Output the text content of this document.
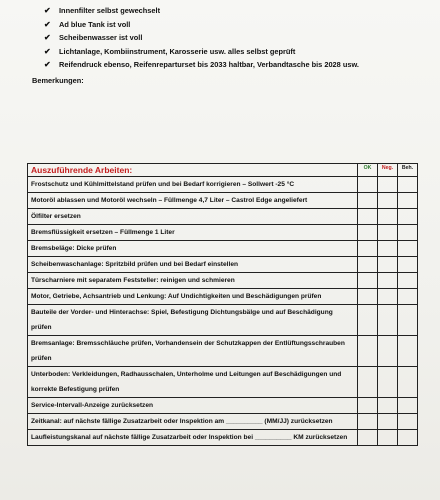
✔	Innenfilter selbst gewechselt
✔	Ad blue Tank ist voll
✔	Scheibenwasser ist voll
✔	Lichtanlage, Kombiinstrument, Karosserie usw. alles selbst geprüft
✔	Reifendruck ebenso, Reifenreparturset bis 2033 haltbar, Verbandtasche bis 2028 usw.
Bemerkungen:
Auszuführende Arbeiten:	OK	Neg.	Beh.
Frostschutz und Kühlmittelstand prüfen und bei Bedarf korrigieren – Sollwert -25 °C			
Motoröl ablassen und Motoröl wechseln – Füllmenge 4,7 Liter – Castrol Edge angeliefert			
Ölfilter ersetzen			
Bremsflüssigkeit ersetzen – Füllmenge 1 Liter			
Bremsbeläge: Dicke prüfen			
Scheibenwaschanlage: Spritzbild prüfen und bei Bedarf einstellen			
Türscharniere mit separatem Feststeller: reinigen und schmieren			
Motor, Getriebe, Achsantrieb und Lenkung: Auf Undichtigkeiten und Beschädigungen prüfen			
Bauteile der Vorder- und Hinterachse: Spiel, Befestigung Dichtungsbälge und auf Beschädigung prüfen			
Bremsanlage: Bremsschläuche prüfen, Vorhandensein der Schutzkappen der Entlüftungsschrauben prüfen			
Unterboden: Verkleidungen, Radhausschalen, Unterholme und Leitungen auf Beschädigungen und korrekte Befestigung prüfen			
Service-Intervall-Anzeige zurücksetzen			
Zeitkanal: auf nächste fällige Zusatzarbeit oder Inspektion am __________ (MM/JJ) zurücksetzen			
Laufleistungskanal auf nächste fällige Zusatzarbeit oder Inspektion bei __________ KM zurücksetzen			
